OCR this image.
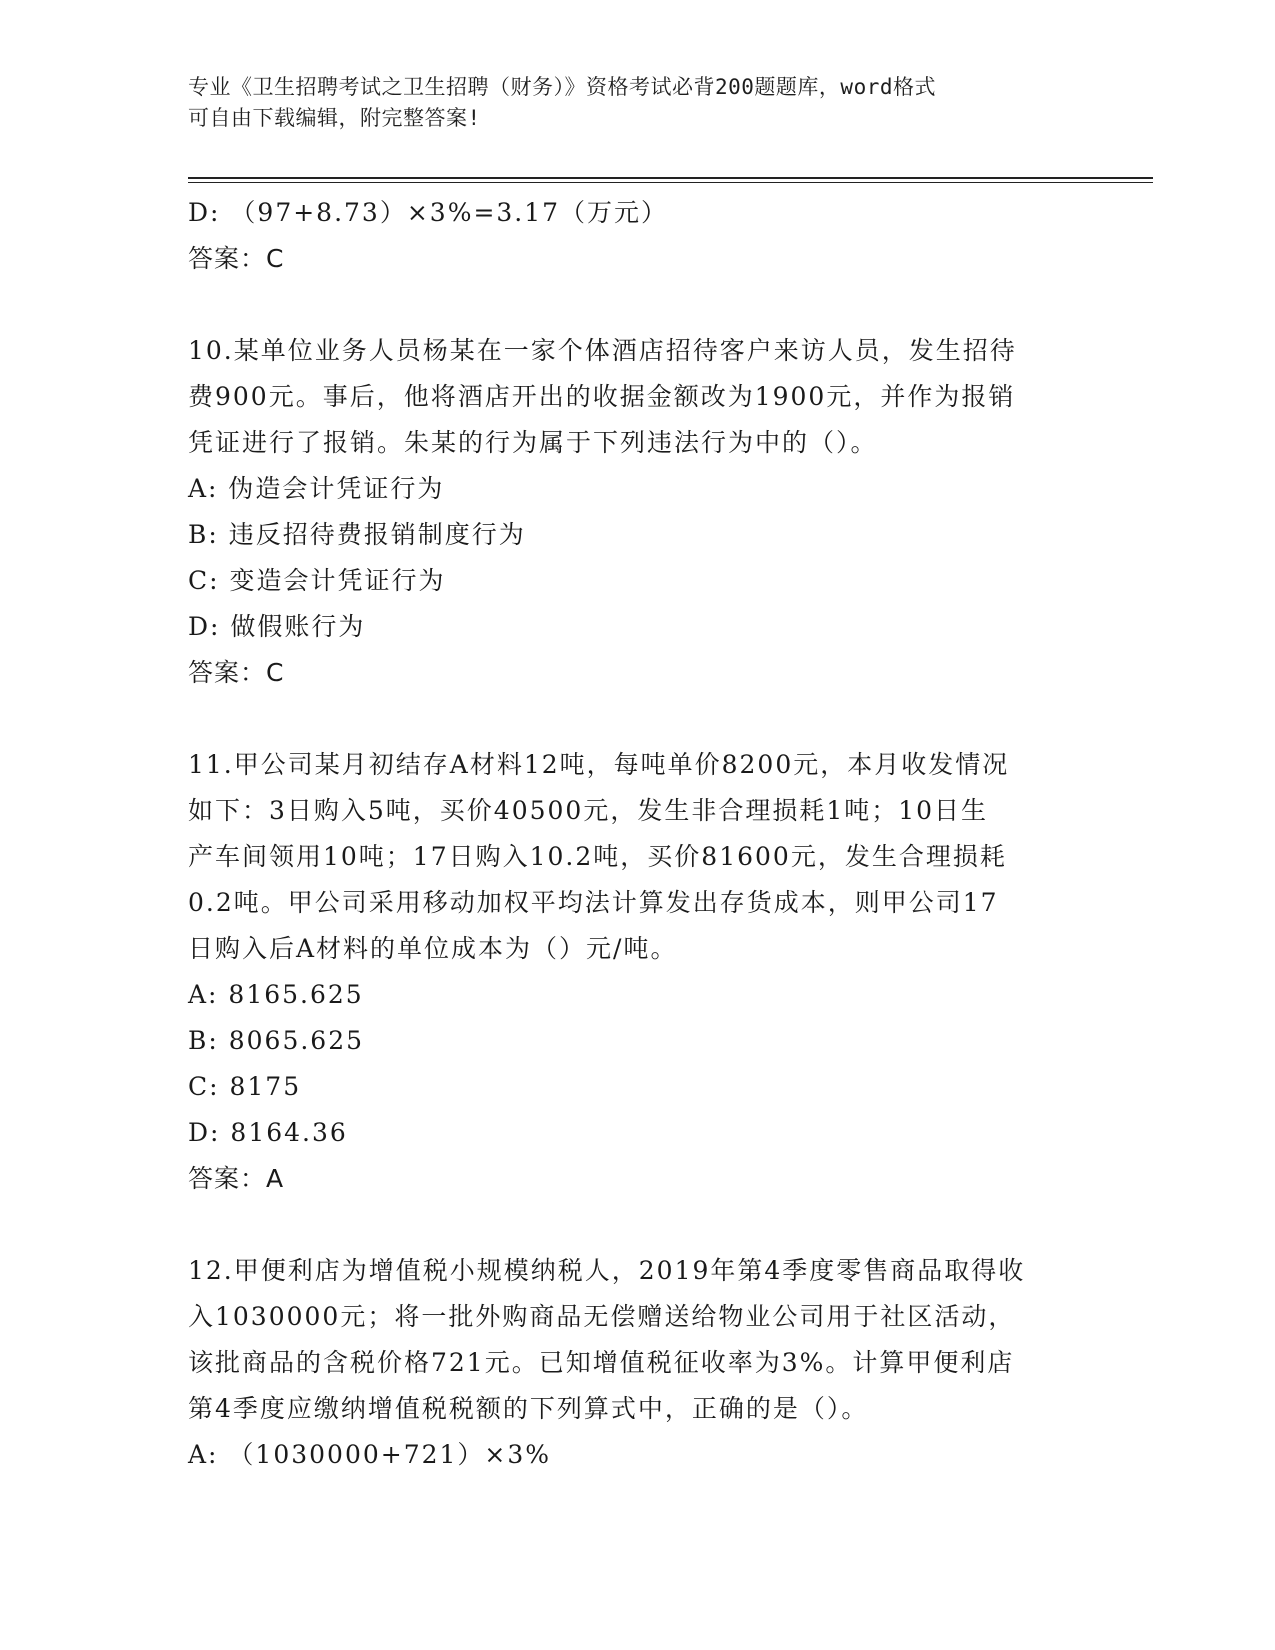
专业《卫生招聘考试之卫生招聘（财务）》资格考试必背200题题库，word格式
可自由下载编辑，附完整答案!
D: （97+8.73）×3%=3.17（万元）
答案：C
10.某单位业务人员杨某在一家个体酒店招待客户来访人员，发生招待
费900元。事后，他将酒店开出的收据金额改为1900元，并作为报销
凭证进行了报销。朱某的行为属于下列违法行为中的（）。
A: 伪造会计凭证行为
B: 违反招待费报销制度行为
C: 变造会计凭证行为
D: 做假账行为
答案：C
11.甲公司某月初结存A材料12吨，每吨单价8200元，本月收发情况
如下：3日购入5吨，买价40500元，发生非合理损耗1吨；10日生
产车间领用10吨；17日购入10.2吨，买价81600元，发生合理损耗
0.2吨。甲公司采用移动加权平均法计算发出存货成本，则甲公司17
日购入后A材料的单位成本为（）元/吨。
A: 8165.625
B: 8065.625
C: 8175
D: 8164.36
答案：A
12.甲便利店为增值税小规模纳税人，2019年第4季度零售商品取得收
入1030000元；将一批外购商品无偿赠送给物业公司用于社区活动，
该批商品的含税价格721元。已知增值税征收率为3%。计算甲便利店
第4季度应缴纳增值税税额的下列算式中，正确的是（）。
A: （1030000+721）×3%
